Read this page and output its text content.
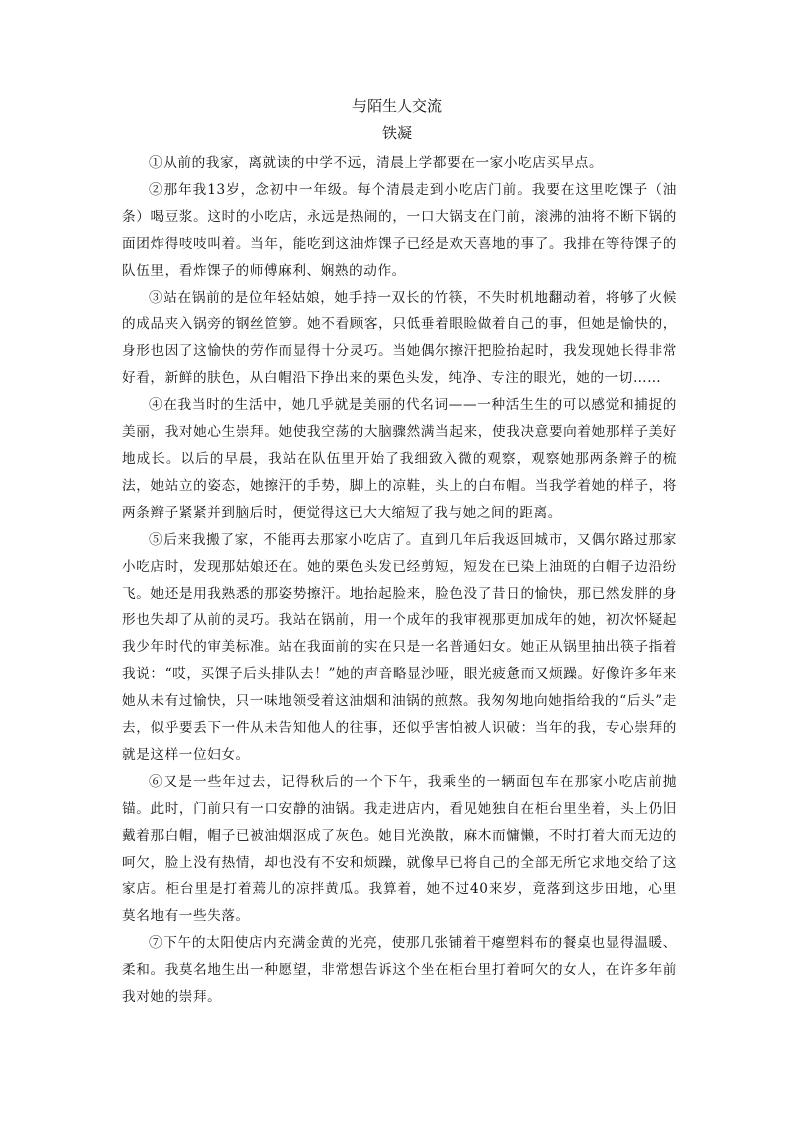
与陌生人交流
铁凝

①从前的我家，离就读的中学不远，清晨上学都要在一家小吃店买早点。

②那年我13岁，念初中一年级。每个清晨走到小吃店门前。我要在这里吃馃子（油条）喝豆浆。这时的小吃店，永远是热闹的，一口大锅支在门前，滚沸的油将不断下锅的面团炸得吱吱叫着。当年，能吃到这油炸馃子已经是欢天喜地的事了。我排在等待馃子的队伍里，看炸馃子的师傅麻利、娴熟的动作。

③站在锅前的是位年轻姑娘，她手持一双长的竹筷，不失时机地翻动着，将够了火候的成品夹入锅旁的钢丝笸箩。她不看顾客，只低垂着眼睑做着自己的事，但她是愉快的，身形也因了这愉快的劳作而显得十分灵巧。当她偶尔擦汗把脸抬起时，我发现她长得非常好看，新鲜的肤色，从白帽沿下挣出来的栗色头发，纯净、专注的眼光，她的一切……

④在我当时的生活中，她几乎就是美丽的代名词——一种活生生的可以感觉和捕捉的美丽，我对她心生崇拜。她使我空荡的大脑骤然满当起来，使我决意要向着她那样子美好地成长。以后的早晨，我站在队伍里开始了我细致入微的观察，观察她那两条辫子的梳法，她站立的姿态，她擦汗的手势，脚上的凉鞋，头上的白布帽。当我学着她的样子，将两条辫子紧紧并到脑后时，便觉得这已大大缩短了我与她之间的距离。

⑤后来我搬了家，不能再去那家小吃店了。直到几年后我返回城市，又偶尔路过那家小吃店时，发现那姑娘还在。她的栗色头发已经剪短，短发在已染上油斑的白帽子边沿纷飞。她还是用我熟悉的那姿势擦汗。地抬起脸来，脸色没了昔日的愉快，那已然发胖的身形也失却了从前的灵巧。我站在锅前，用一个成年的我审视那更加成年的她，初次怀疑起我少年时代的审美标准。站在我面前的实在只是一名普通妇女。她正从锅里抽出筷子指着我说：“哎，买馃子后头排队去！”她的声音略显沙哑，眼光疲惫而又烦躁。好像许多年来她从未有过愉快，只一味地领受着这油烟和油锅的煎熬。我匆匆地向她指给我的“后头”走去，似乎要丢下一件从未告知他人的往事，还似乎害怕被人识破：当年的我，专心崇拜的就是这样一位妇女。

⑥又是一些年过去，记得秋后的一个下午，我乘坐的一辆面包车在那家小吃店前抛锚。此时，门前只有一口安静的油锅。我走进店内，看见她独自在柜台里坐着，头上仍旧戴着那白帽，帽子已被油烟沤成了灰色。她目光涣散，麻木而慵懒，不时打着大而无边的呵欠，脸上没有热情，却也没有不安和烦躁，就像早已将自己的全部无所它求地交给了这家店。柜台里是打着蔫儿的凉拌黄瓜。我算着，她不过40来岁，竟落到这步田地，心里莫名地有一些失落。

⑦下午的太阳使店内充满金黄的光亮，使那几张铺着干瘪塑料布的餐桌也显得温暖、柔和。我莫名地生出一种愿望，非常想告诉这个坐在柜台里打着呵欠的女人，在许多年前我对她的崇拜。
